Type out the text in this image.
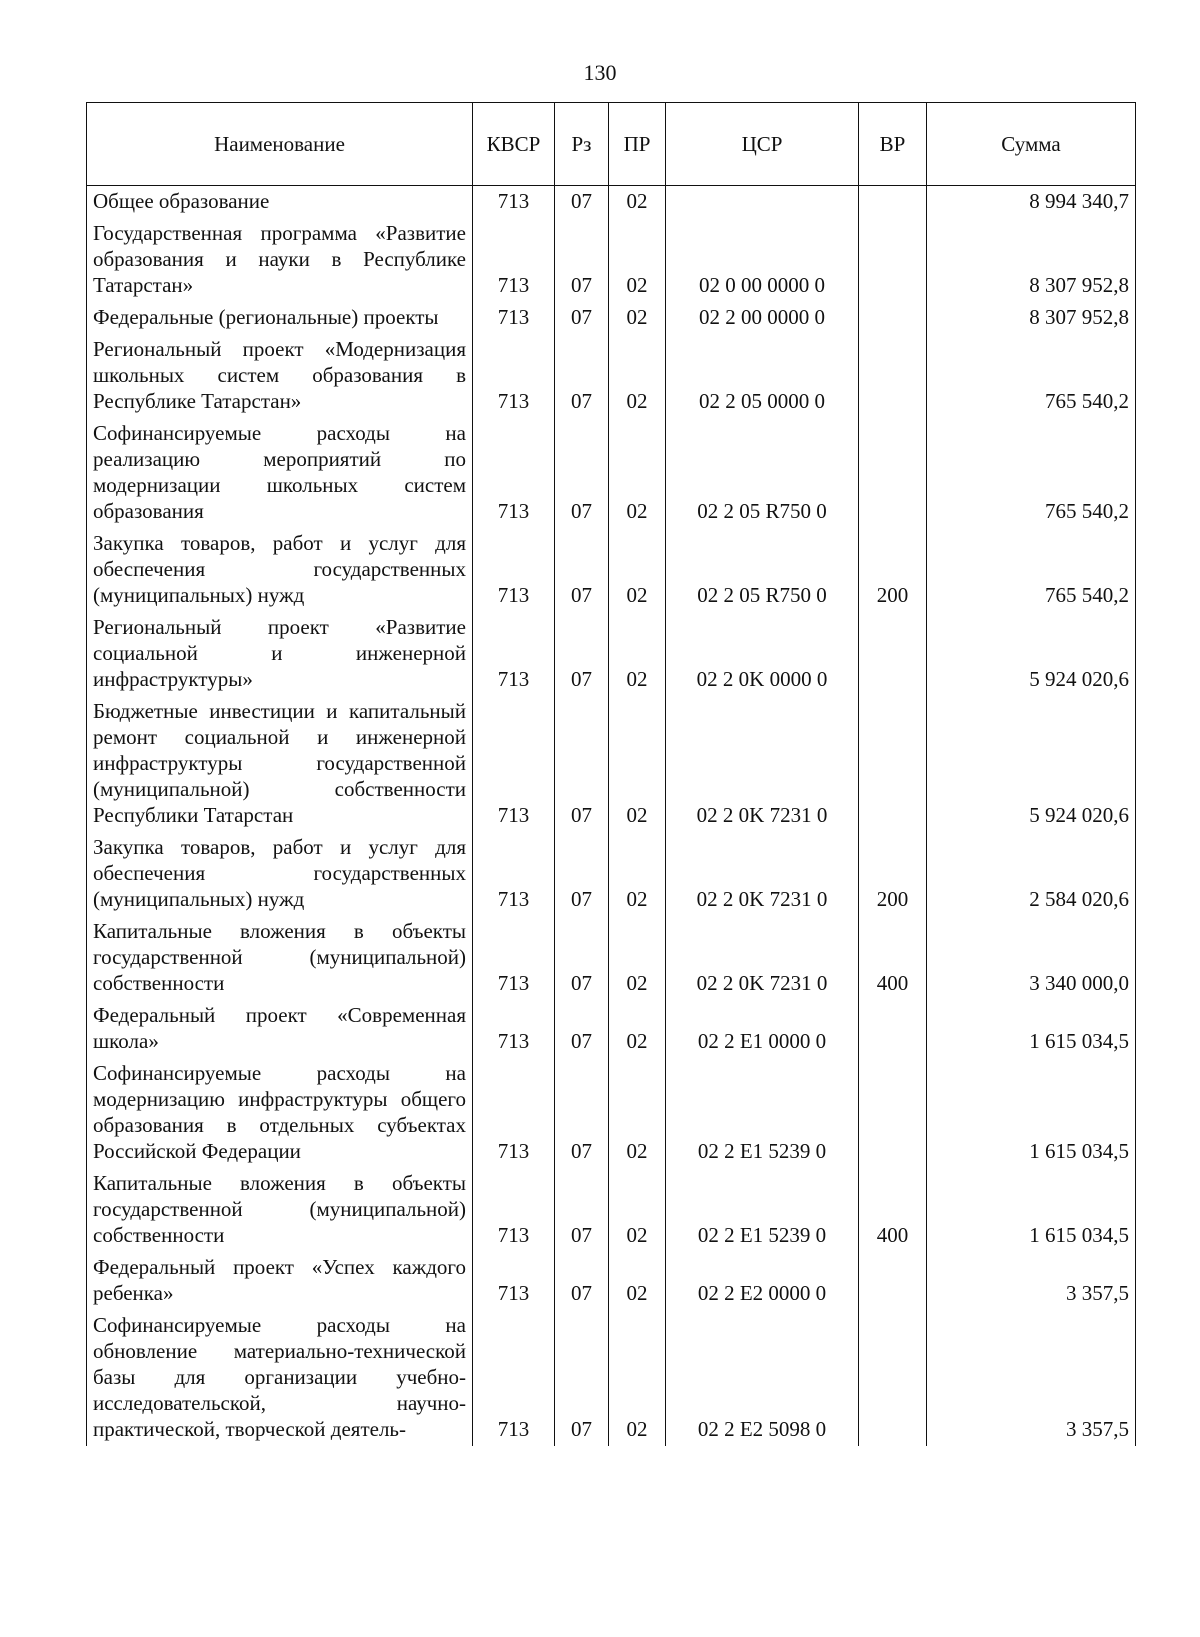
130
Наименование	КВСР	Рз	ПР	ЦСР	ВР	Сумма
Общее образование	713	07	02			8 994 340,7
Государственная программа «Развитие образования и науки в Республике Татарстан»	713	07	02	02 0 00 0000 0		8 307 952,8
Федеральные (региональные) проекты	713	07	02	02 2 00 0000 0		8 307 952,8
Региональный проект «Модернизация школьных систем образования в Республике Татарстан»	713	07	02	02 2 05 0000 0		765 540,2
Софинансируемые расходы на реализацию мероприятий по модернизации школьных систем образования	713	07	02	02 2 05 R750 0		765 540,2
Закупка товаров, работ и услуг для обеспечения государственных (муниципальных) нужд	713	07	02	02 2 05 R750 0	200	765 540,2
Региональный проект «Развитие социальной и инженерной инфраструктуры»	713	07	02	02 2 0K 0000 0		5 924 020,6
Бюджетные инвестиции и капитальный ремонт социальной и инженерной инфраструктуры государственной (муниципальной) собственности Республики Татарстан	713	07	02	02 2 0K 7231 0		5 924 020,6
Закупка товаров, работ и услуг для обеспечения государственных (муниципальных) нужд	713	07	02	02 2 0K 7231 0	200	2 584 020,6
Капитальные вложения в объекты государственной (муниципальной) собственности	713	07	02	02 2 0K 7231 0	400	3 340 000,0
Федеральный проект «Современная школа»	713	07	02	02 2 E1 0000 0		1 615 034,5
Софинансируемые расходы на модернизацию инфраструктуры общего образования в отдельных субъектах Российской Федерации	713	07	02	02 2 E1 5239 0		1 615 034,5
Капитальные вложения в объекты государственной (муниципальной) собственности	713	07	02	02 2 E1 5239 0	400	1 615 034,5
Федеральный проект «Успех каждого ребенка»	713	07	02	02 2 E2 0000 0		3 357,5
Софинансируемые расходы на обновление материально-технической базы для организации учебно-исследовательской, научно-практической, творческой деятель-	713	07	02	02 2 E2 5098 0		3 357,5
